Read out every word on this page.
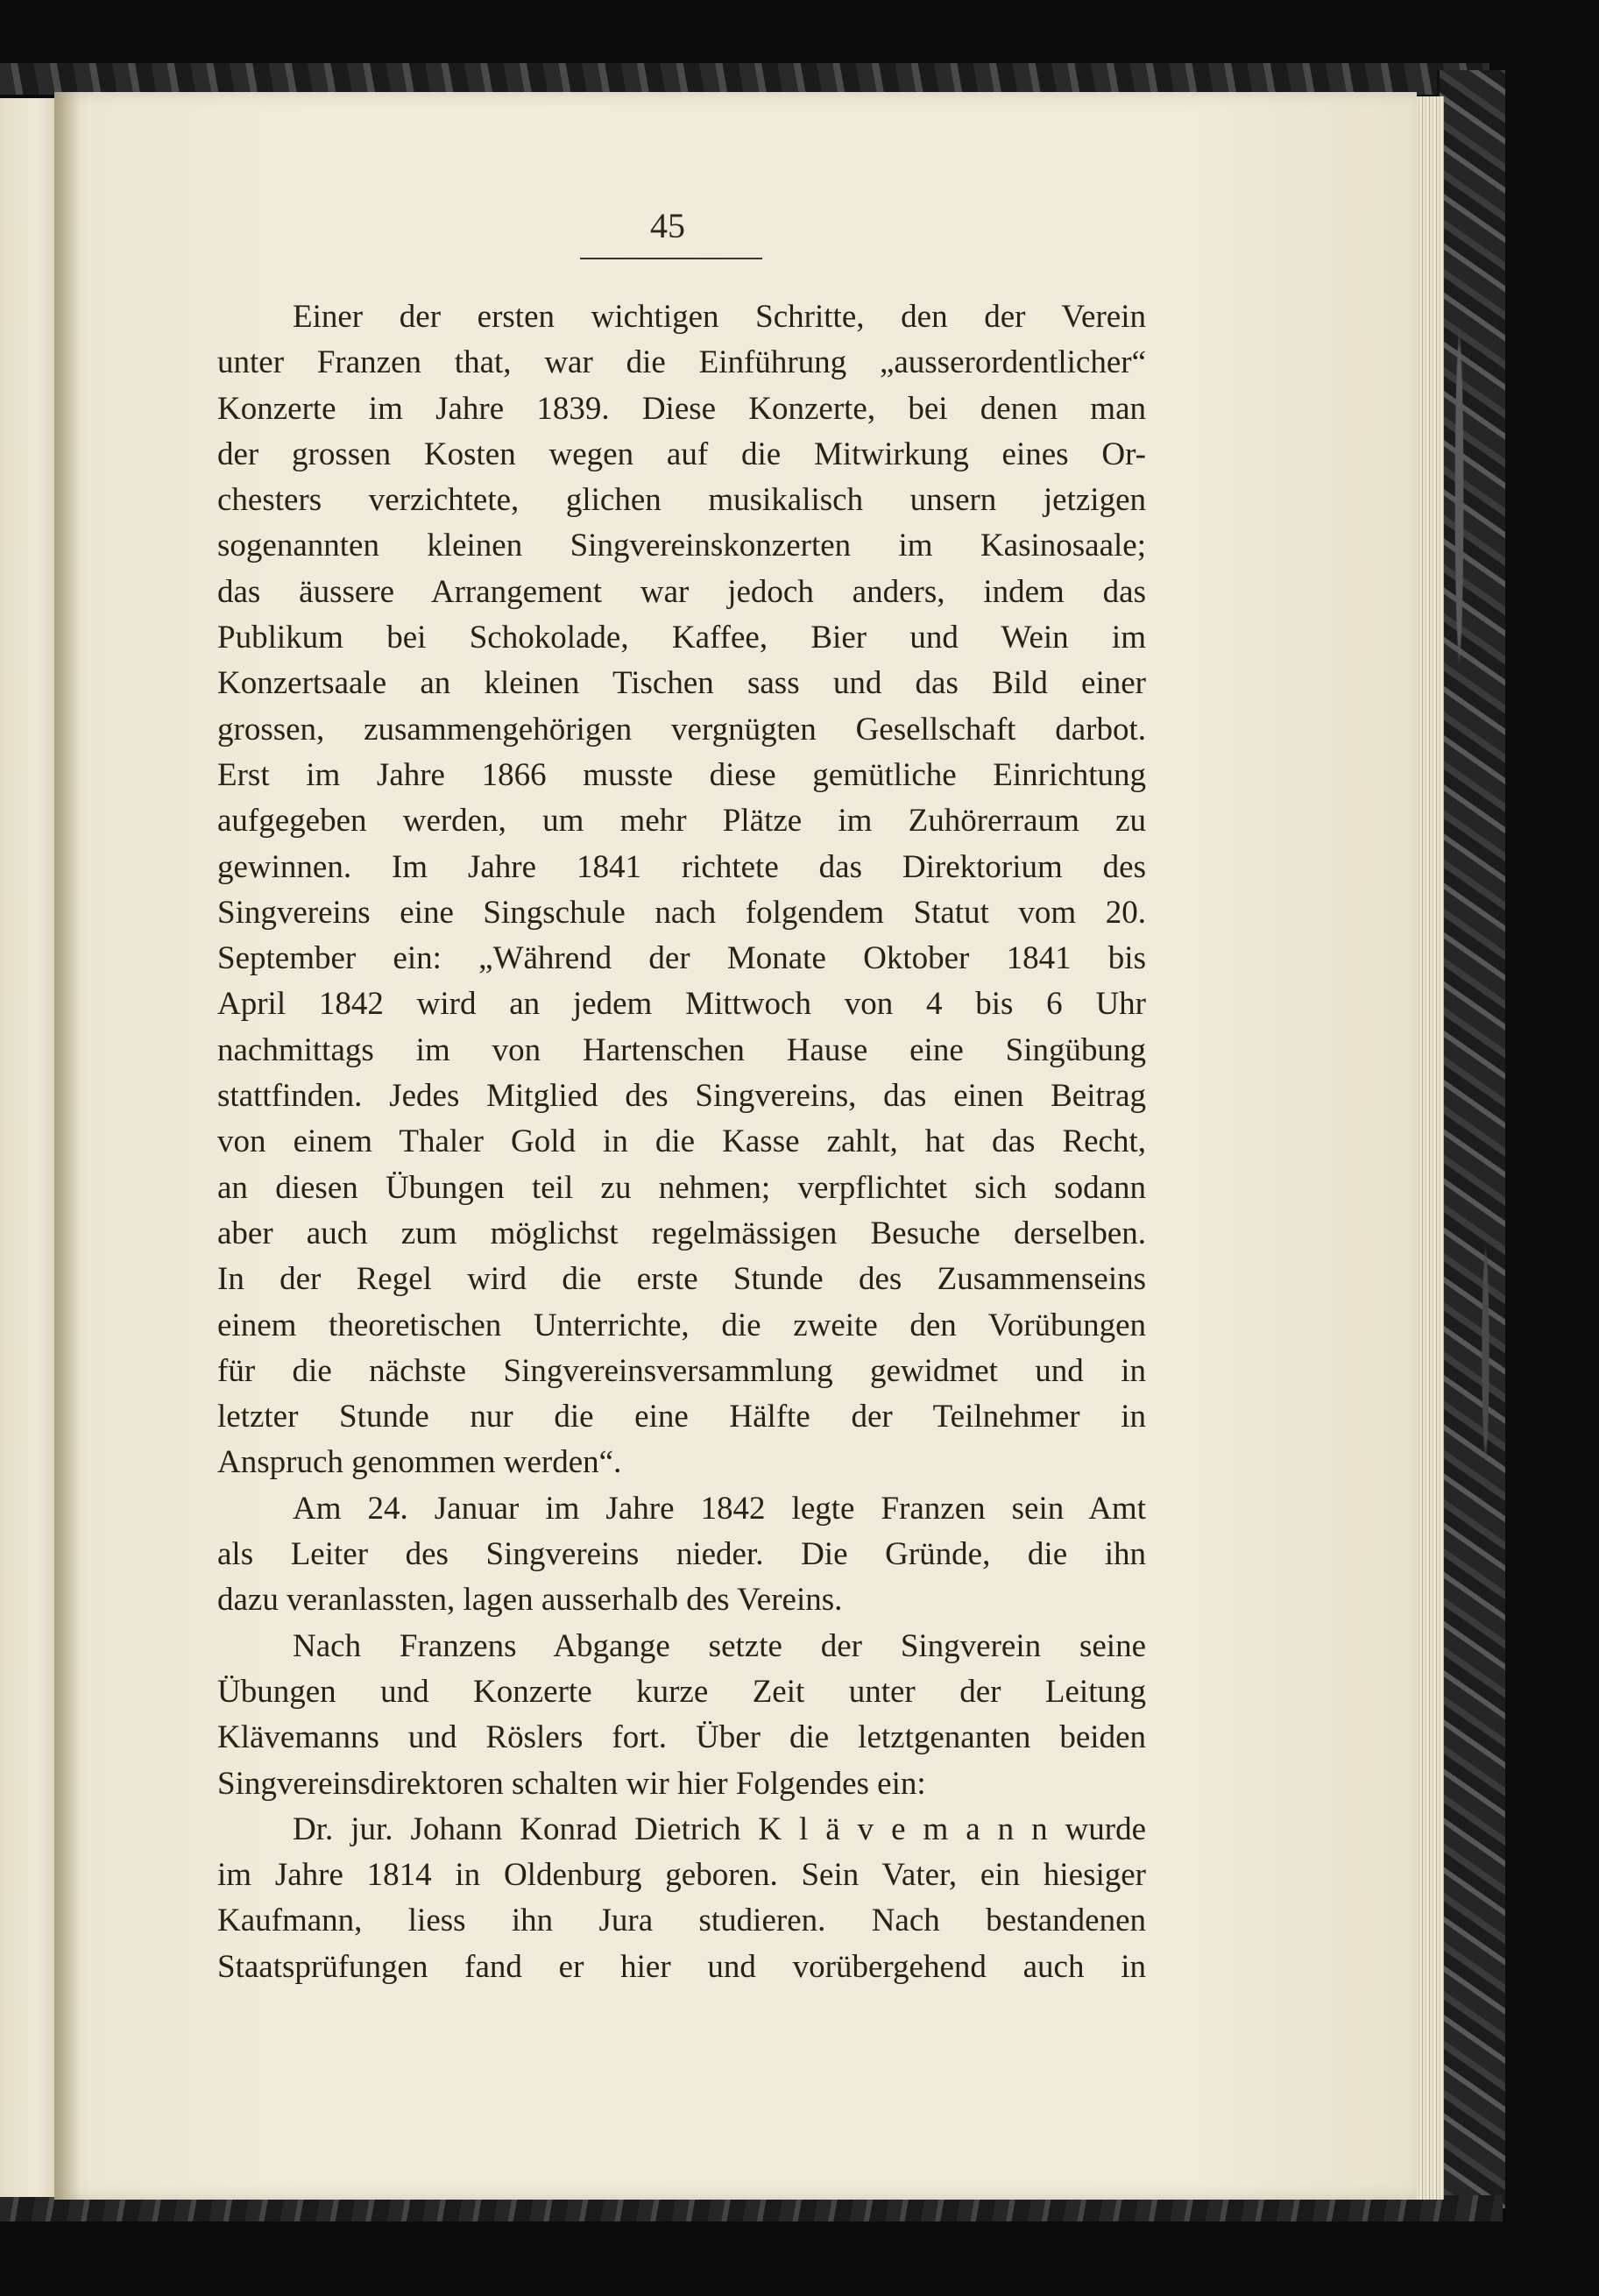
45
Einer der ersten wichtigen Schritte, den der Verein
unter Franzen that, war die Einführung „ausserordentlicher“
Konzerte im Jahre 1839. Diese Konzerte, bei denen man
der grossen Kosten wegen auf die Mitwirkung eines Or-
chesters verzichtete, glichen musikalisch unsern jetzigen
sogenannten kleinen Singvereinskonzerten im Kasinosaale;
das äussere Arrangement war jedoch anders, indem das
Publikum bei Schokolade, Kaffee, Bier und Wein im
Konzertsaale an kleinen Tischen sass und das Bild einer
grossen, zusammengehörigen vergnügten Gesellschaft darbot.
Erst im Jahre 1866 musste diese gemütliche Einrichtung
aufgegeben werden, um mehr Plätze im Zuhörerraum zu
gewinnen. Im Jahre 1841 richtete das Direktorium des
Singvereins eine Singschule nach folgendem Statut vom 20.
September ein: „Während der Monate Oktober 1841 bis
April 1842 wird an jedem Mittwoch von 4 bis 6 Uhr
nachmittags im von Hartenschen Hause eine Singübung
stattfinden. Jedes Mitglied des Singvereins, das einen Beitrag
von einem Thaler Gold in die Kasse zahlt, hat das Recht,
an diesen Übungen teil zu nehmen; verpflichtet sich sodann
aber auch zum möglichst regelmässigen Besuche derselben.
In der Regel wird die erste Stunde des Zusammenseins
einem theoretischen Unterrichte, die zweite den Vorübungen
für die nächste Singvereinsversammlung gewidmet und in
letzter Stunde nur die eine Hälfte der Teilnehmer in
Anspruch genommen werden“.
Am 24. Januar im Jahre 1842 legte Franzen sein Amt
als Leiter des Singvereins nieder. Die Gründe, die ihn
dazu veranlassten, lagen ausserhalb des Vereins.
Nach Franzens Abgange setzte der Singverein seine
Übungen und Konzerte kurze Zeit unter der Leitung
Klävemanns und Röslers fort. Über die letztgenanten beiden
Singvereinsdirektoren schalten wir hier Folgendes ein:
Dr. jur. Johann Konrad Dietrich K l ä v e m a n n wurde
im Jahre 1814 in Oldenburg geboren. Sein Vater, ein hiesiger
Kaufmann, liess ihn Jura studieren. Nach bestandenen
Staatsprüfungen fand er hier und vorübergehend auch in
